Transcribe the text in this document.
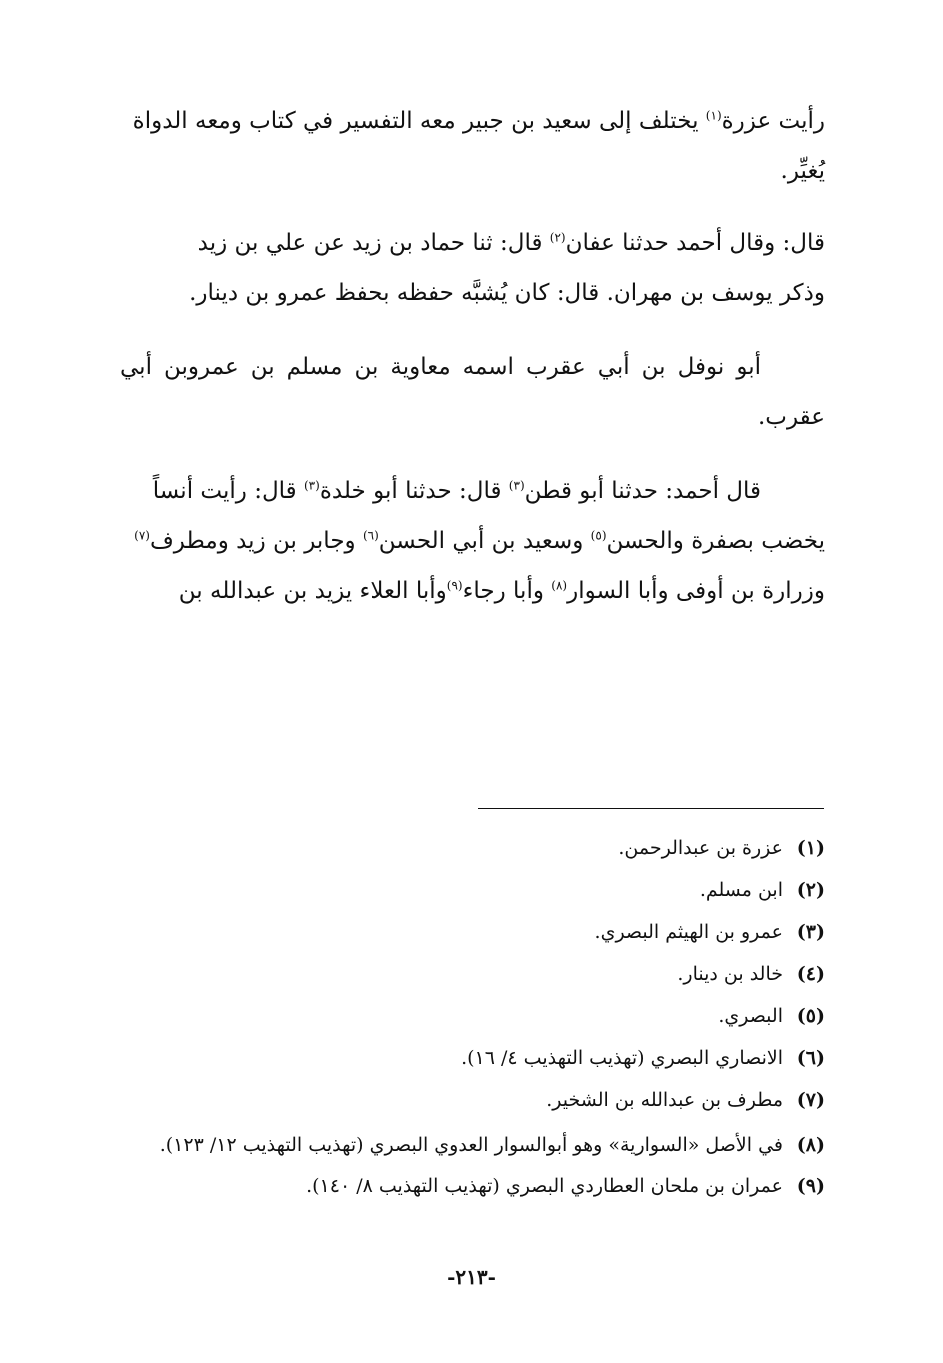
رأيت عزرة$^{(١)}$ يختلف إلى سعيد بن جبير معه التفسير في كتاب ومعه الدواة
يُغيِّر.

قال: وقال أحمد حدثنا عفان$^{(٢)}$ قال: ثنا حماد بن زيد عن علي بن زيد
وذكر يوسف بن مهران. قال: كان يُشبَّه حفظه بحفظ عمرو بن دينار.

أبو نوفل بن أبي عقرب اسمه معاوية بن مسلم بن عمروبن أبي
عقرب.

قال أحمد: حدثنا أبو قطن$^{(٣)}$ قال: حدثنا أبو خلدة$^{(٣)}$ قال: رأيت أنساً
يخضب بصفرة والحسن$^{(٥)}$ وسعيد بن أبي الحسن$^{(٦)}$ وجابر بن زيد ومطرف$^{(٧)}$
وزرارة بن أوفى وأبا السوار$^{(٨)}$ وأبا رجاء$^{(٩)}$وأبا العلاء يزيد بن عبدالله بن

(١)
عزرة بن عبدالرحمن.
(٢)
ابن مسلم.
(٣)
عمرو بن الهيثم البصري.
(٤)
خالد بن دينار.
(٥)
البصري.
(٦)
الانصاري البصري (تهذيب التهذيب ٤/ ١٦).
(٧)
مطرف بن عبدالله بن الشخير.
(٨)
في الأصل «السوارية» وهو أبوالسوار العدوي البصري (تهذيب التهذيب ١٢/ ١٢٣).
(٩)
عمران بن ملحان العطاردي البصري (تهذيب التهذيب ٨/ ١٤٠).
-٢١٣-
